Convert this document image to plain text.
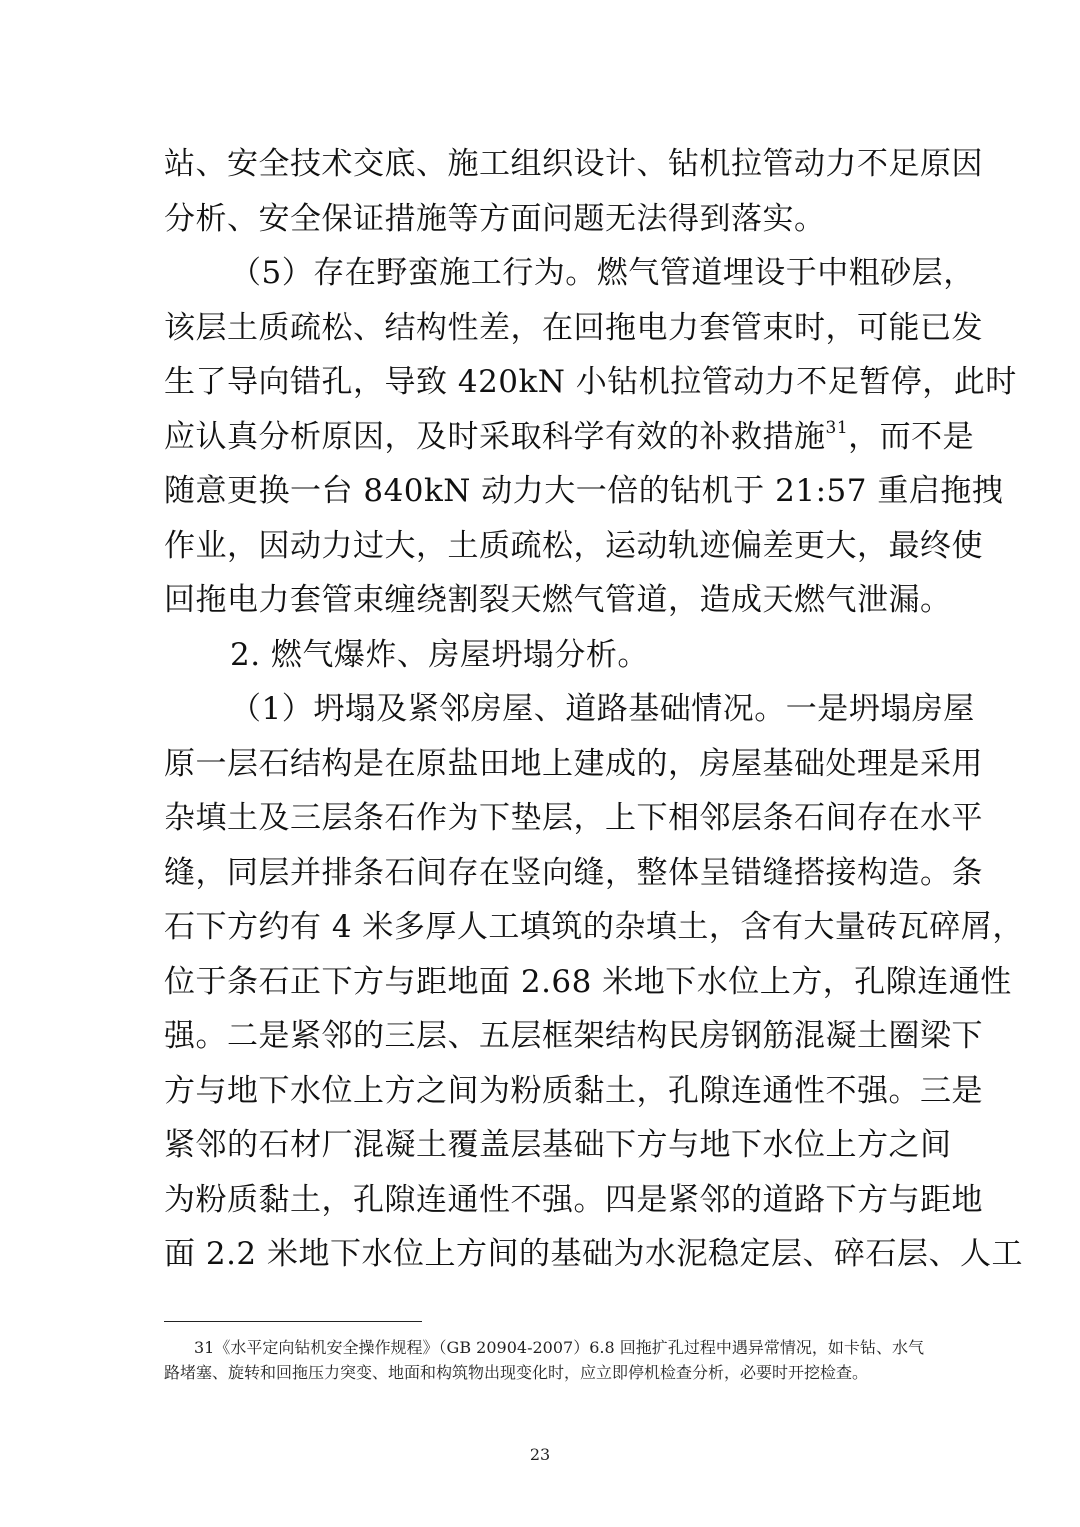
站、安全技术交底、施工组织设计、钻机拉管动力不足原因
分析、安全保证措施等方面问题无法得到落实。
（5）存在野蛮施工行为。燃气管道埋设于中粗砂层，
该层土质疏松、结构性差，在回拖电力套管束时，可能已发
生了导向错孔，导致 420kN 小钻机拉管动力不足暂停，此时
应认真分析原因，及时采取科学有效的补救措施$^{31}$，而不是
随意更换一台 840kN 动力大一倍的钻机于 21:57 重启拖拽
作业，因动力过大，土质疏松，运动轨迹偏差更大，最终使
回拖电力套管束缠绕割裂天燃气管道，造成天燃气泄漏。
2. 燃气爆炸、房屋坍塌分析。
（1）坍塌及紧邻房屋、道路基础情况。一是坍塌房屋
原一层石结构是在原盐田地上建成的，房屋基础处理是采用
杂填土及三层条石作为下垫层，上下相邻层条石间存在水平
缝，同层并排条石间存在竖向缝，整体呈错缝搭接构造。条
石下方约有 4 米多厚人工填筑的杂填土，含有大量砖瓦碎屑，
位于条石正下方与距地面 2.68 米地下水位上方，孔隙连通性
强。二是紧邻的三层、五层框架结构民房钢筋混凝土圈梁下
方与地下水位上方之间为粉质黏土，孔隙连通性不强。三是
紧邻的石材厂混凝土覆盖层基础下方与地下水位上方之间
为粉质黏土，孔隙连通性不强。四是紧邻的道路下方与距地
面 2.2 米地下水位上方间的基础为水泥稳定层、碎石层、人工
31《水平定向钻机安全操作规程》（GB 20904-2007）6.8 回拖扩孔过程中遇异常情况，如卡钻、水气
路堵塞、旋转和回拖压力突变、地面和构筑物出现变化时，应立即停机检查分析，必要时开挖检查。
23
